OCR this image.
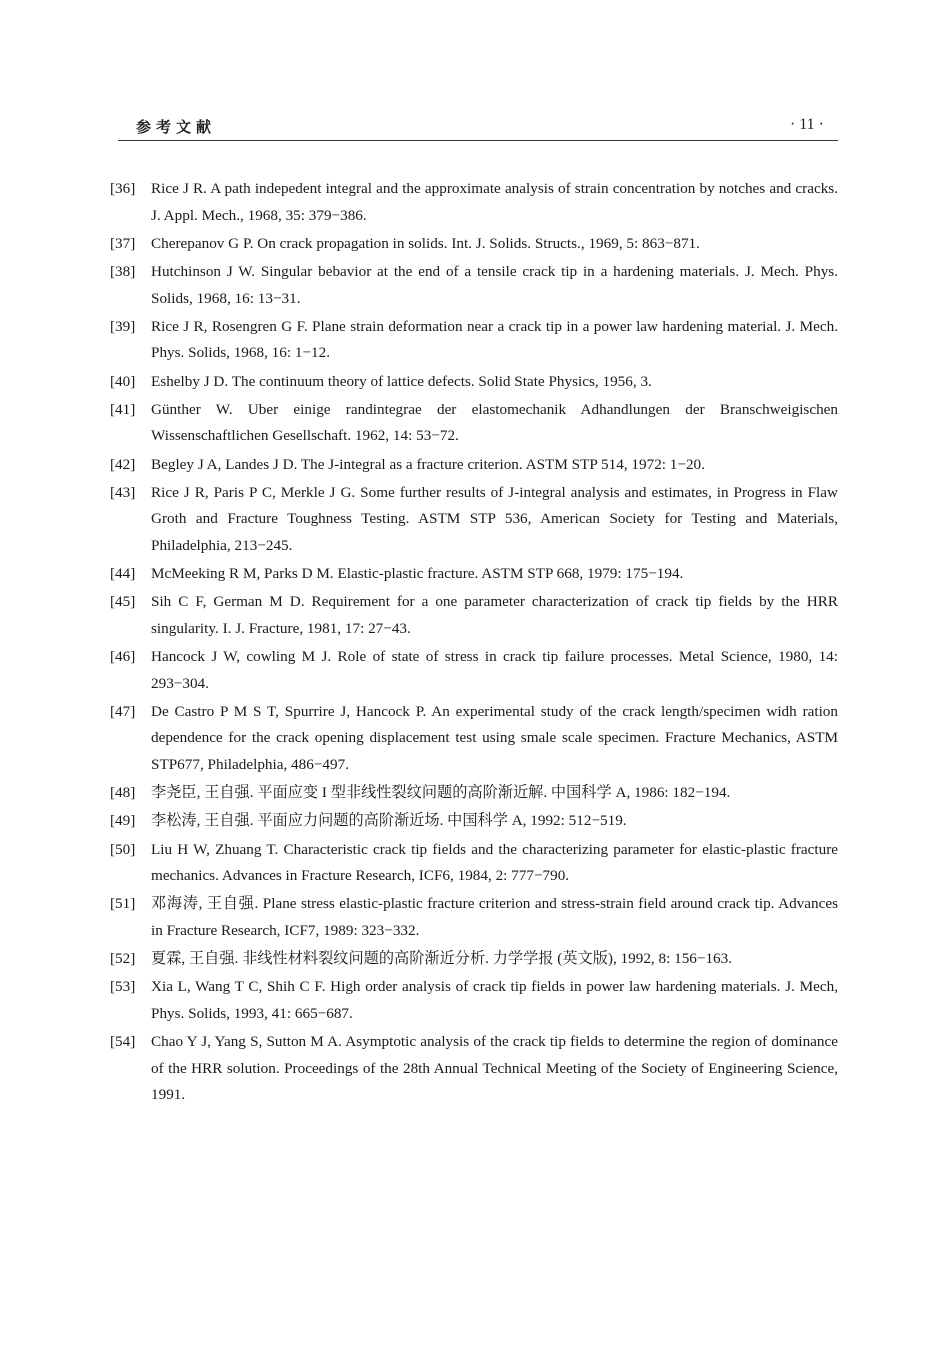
参考文献	· 11 ·
[36]	Rice J R. A path indepedent integral and the approximate analysis of strain concentration by notches and cracks. J. Appl. Mech., 1968, 35: 379−386.
[37]	Cherepanov G P. On crack propagation in solids. Int. J. Solids. Structs., 1969, 5: 863−871.
[38]	Hutchinson J W. Singular bebavior at the end of a tensile crack tip in a hardening materials. J. Mech. Phys. Solids, 1968, 16: 13−31.
[39]	Rice J R, Rosengren G F. Plane strain deformation near a crack tip in a power law hardening material. J. Mech. Phys. Solids, 1968, 16: 1−12.
[40]	Eshelby J D. The continuum theory of lattice defects. Solid State Physics, 1956, 3.
[41]	Günther W. Uber einige randintegrae der elastomechanik Adhandlungen der Branschweigischen Wissenschaftlichen Gesellschaft. 1962, 14: 53−72.
[42]	Begley J A, Landes J D. The J-integral as a fracture criterion. ASTM STP 514, 1972: 1−20.
[43]	Rice J R, Paris P C, Merkle J G. Some further results of J-integral analysis and estimates, in Progress in Flaw Groth and Fracture Toughness Testing. ASTM STP 536, American Society for Testing and Materials, Philadelphia, 213−245.
[44]	McMeeking R M, Parks D M. Elastic-plastic fracture. ASTM STP 668, 1979: 175−194.
[45]	Sih C F, German M D. Requirement for a one parameter characterization of crack tip fields by the HRR singularity. I. J. Fracture, 1981, 17: 27−43.
[46]	Hancock J W, cowling M J. Role of state of stress in crack tip failure processes. Metal Science, 1980, 14: 293−304.
[47]	De Castro P M S T, Spurrire J, Hancock P. An experimental study of the crack length/specimen widh ration dependence for the crack opening displacement test using smale scale specimen. Fracture Mechanics, ASTM STP677, Philadelphia, 486−497.
[48]	李尧臣, 王自强. 平面应变 I 型非线性裂纹问题的高阶渐近解. 中国科学 A, 1986: 182−194.
[49]	李松涛, 王自强. 平面应力问题的高阶渐近场. 中国科学 A, 1992: 512−519.
[50]	Liu H W, Zhuang T. Characteristic crack tip fields and the characterizing parameter for elastic-plastic fracture mechanics. Advances in Fracture Research, ICF6, 1984, 2: 777−790.
[51]	邓海涛, 王自强. Plane stress elastic-plastic fracture criterion and stress-strain field around crack tip. Advances in Fracture Research, ICF7, 1989: 323−332.
[52]	夏霖, 王自强. 非线性材料裂纹问题的高阶渐近分析. 力学学报 (英文版), 1992, 8: 156−163.
[53]	Xia L, Wang T C, Shih C F. High order analysis of crack tip fields in power law hardening materials. J. Mech, Phys. Solids, 1993, 41: 665−687.
[54]	Chao Y J, Yang S, Sutton M A. Asymptotic analysis of the crack tip fields to determine the region of dominance of the HRR solution. Proceedings of the 28th Annual Technical Meeting of the Society of Engineering Science, 1991.
